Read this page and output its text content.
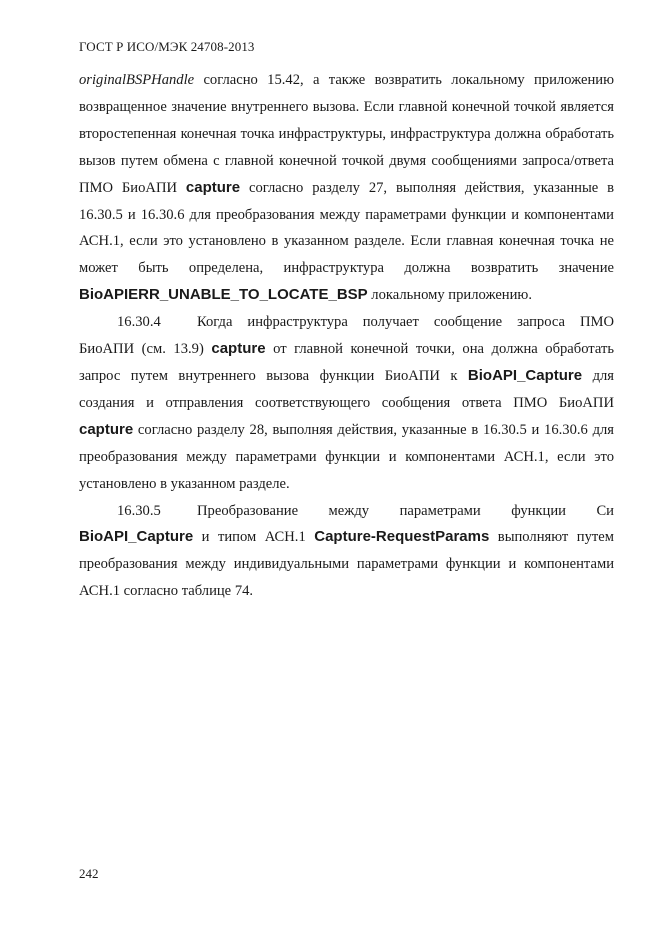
ГОСТ Р ИСО/МЭК 24708-2013

originalBSPHandle согласно 15.42, а также возвратить локальному приложению возвращенное значение внутреннего вызова. Если главной конечной точкой является второстепенная конечная точка инфраструктуры, инфраструктура должна обработать вызов путем обмена с главной конечной точкой двумя сообщениями запроса/ответа ПМО БиоАПИ capture согласно разделу 27, выполняя действия, указанные в 16.30.5 и 16.30.6 для преобразования между параметрами функции и компонентами АСН.1, если это установлено в указанном разделе. Если главная конечная точка не может быть определена, инфраструктура должна возвратить значение BioAPIERR_UNABLE_TO_LOCATE_BSP локальному приложению.

16.30.4 Когда инфраструктура получает сообщение запроса ПМО БиоАПИ (см. 13.9) capture от главной конечной точки, она должна обработать запрос путем внутреннего вызова функции БиоАПИ к BioAPI_Capture для создания и отправления соответствующего сообщения ответа ПМО БиоАПИ capture согласно разделу 28, выполняя действия, указанные в 16.30.5 и 16.30.6 для преобразования между параметрами функции и компонентами АСН.1, если это установлено в указанном разделе.

16.30.5 Преобразование между параметрами функции Си BioAPI_Capture и типом АСН.1 Capture-RequestParams выполняют путем преобразования между индивидуальными параметрами функции и компонентами АСН.1 согласно таблице 74.

242
